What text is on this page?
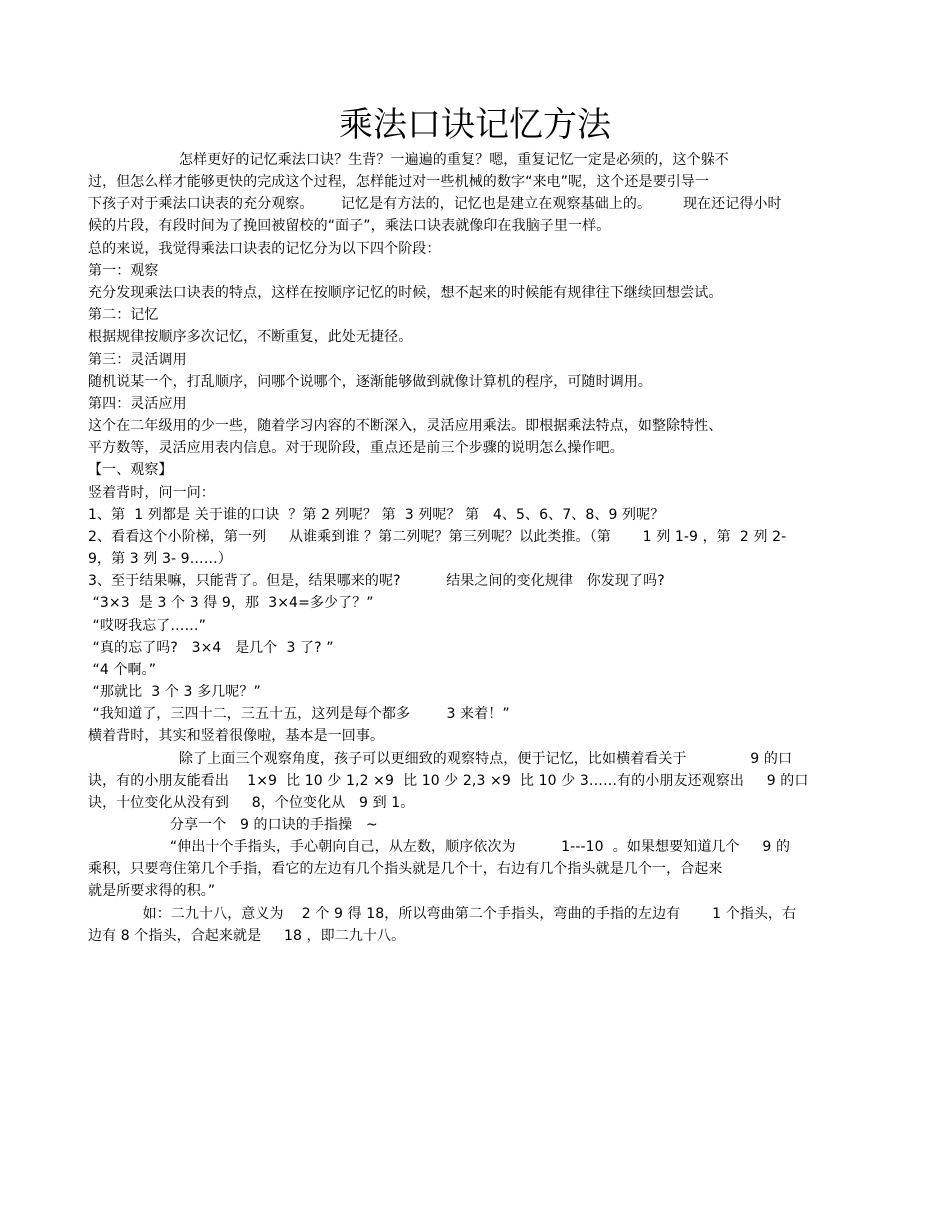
乘法口诀记忆方法
怎样更好的记忆乘法口诀？生背？一遍遍的重复？嗯，重复记忆一定是必须的，这个躲不
过，但怎么样才能够更快的完成这个过程，怎样能过对一些机械的数字“来电”呢，这个还是要引导一
下孩子对于乘法口诀表的充分观察。      记忆是有方法的，记忆也是建立在观察基础上的。       现在还记得小时
候的片段，有段时间为了挽回被留校的“面子”，乘法口诀表就像印在我脑子里一样。
总的来说，我觉得乘法口诀表的记忆分为以下四个阶段：
第一：观察
充分发现乘法口诀表的特点，这样在按顺序记忆的时候，想不起来的时候能有规律往下继续回想尝试。
第二：记忆
根据规律按顺序多次记忆，不断重复，此处无捷径。
第三：灵活调用
随机说某一个，打乱顺序，问哪个说哪个，逐渐能够做到就像计算机的程序，可随时调用。
第四：灵活应用
这个在二年级用的少一些，随着学习内容的不断深入，灵活应用乘法。即根据乘法特点，如整除特性、
平方数等，灵活应用表内信息。对于现阶段，重点还是前三个步骤的说明怎么操作吧。
【一、观察】
竖着背时，问一问：
1、第  1 列都是 关于谁的口诀  ？第 2 列呢？ 第  3 列呢？ 第   4、5、6、7、8、9 列呢？
2、看看这个小阶梯，第一列     从谁乘到谁 ？第二列呢？第三列呢？以此类推。（第       1 列 1-9 ，第  2 列 2-
9，第 3 列 3- 9……）
3、至于结果嘛，只能背了。但是，结果哪来的呢?          结果之间的变化规律   你发现了吗?
“3×3  是 3 个 3 得 9，那  3×4=多少了？”
“哎呀我忘了……”
“真的忘了吗?   3×4   是几个  3 了? ”
“4 个啊。”
“那就比  3 个 3 多几呢？”
“我知道了，三四十二，三五十五，这列是每个都多        3 来着！”
横着背时，其实和竖着很像啦，基本是一回事。
除了上面三个观察角度，孩子可以更细致的观察特点，便于记忆，比如横着看关于              9 的口
诀，有的小朋友能看出    1×9  比 10 少 1,2 ×9  比 10 少 2,3 ×9  比 10 少 3……有的小朋友还观察出     9 的口
诀，十位变化从没有到     8，个位变化从   9 到 1。
分享一个   9 的口诀的手指操   ~
“伸出十个手指头，手心朝向自己，从左数，顺序依次为          1---10  。如果想要知道几个     9 的
乘积，只要弯住第几个手指，看它的左边有几个指头就是几个十，右边有几个指头就是几个一，合起来
就是所要求得的积。”
如：二九十八，意义为    2 个 9 得 18，所以弯曲第二个手指头，弯曲的手指的左边有       1 个指头，右
边有 8 个指头，合起来就是     18 ，即二九十八。
